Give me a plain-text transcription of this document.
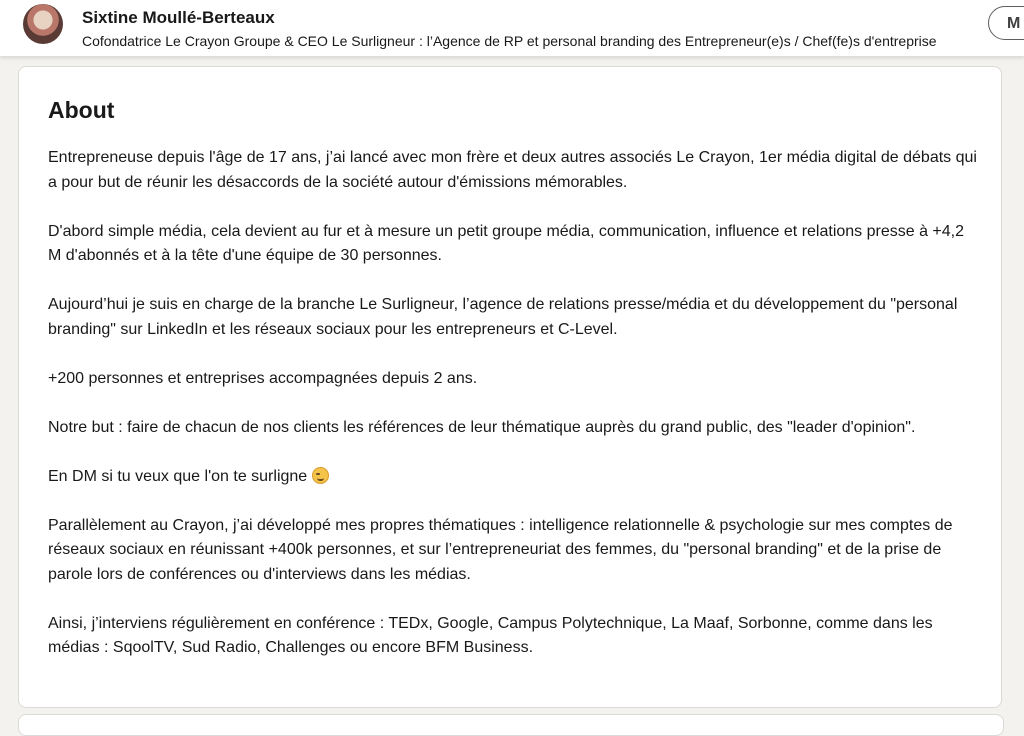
Sixtine Moullé-Berteaux
Cofondatrice Le Crayon Groupe & CEO Le Surligneur : l’Agence de RP et personal branding des Entrepreneur(e)s / Chef(fe)s d'entreprise
M
About

Entrepreneuse depuis l'âge de 17 ans, j’ai lancé avec mon frère et deux autres associés Le Crayon, 1er média digital de débats qui a pour but de réunir les désaccords de la société autour d'émissions mémorables.

D'abord simple média, cela devient au fur et à mesure un petit groupe média, communication, influence et relations presse à +4,2 M d'abonnés et à la tête d'une équipe de 30 personnes.

Aujourd’hui je suis en charge de la branche Le Surligneur, l’agence de relations presse/média et du développement du "personal branding" sur LinkedIn et les réseaux sociaux pour les entrepreneurs et C-Level.

+200 personnes et entreprises accompagnées depuis 2 ans.

Notre but : faire de chacun de nos clients les références de leur thématique auprès du grand public, des "leader d'opinion".

En DM si tu veux que l'on te surligne

Parallèlement au Crayon, j’ai développé mes propres thématiques : intelligence relationnelle & psychologie sur mes comptes de réseaux sociaux en réunissant +400k personnes, et sur l’entrepreneuriat des femmes, du "personal branding" et de la prise de parole lors de conférences ou d'interviews dans les médias.

Ainsi, j’interviens régulièrement en conférence : TEDx, Google, Campus Polytechnique, La Maaf, Sorbonne, comme dans les médias : SqoolTV, Sud Radio, Challenges ou encore BFM Business.
